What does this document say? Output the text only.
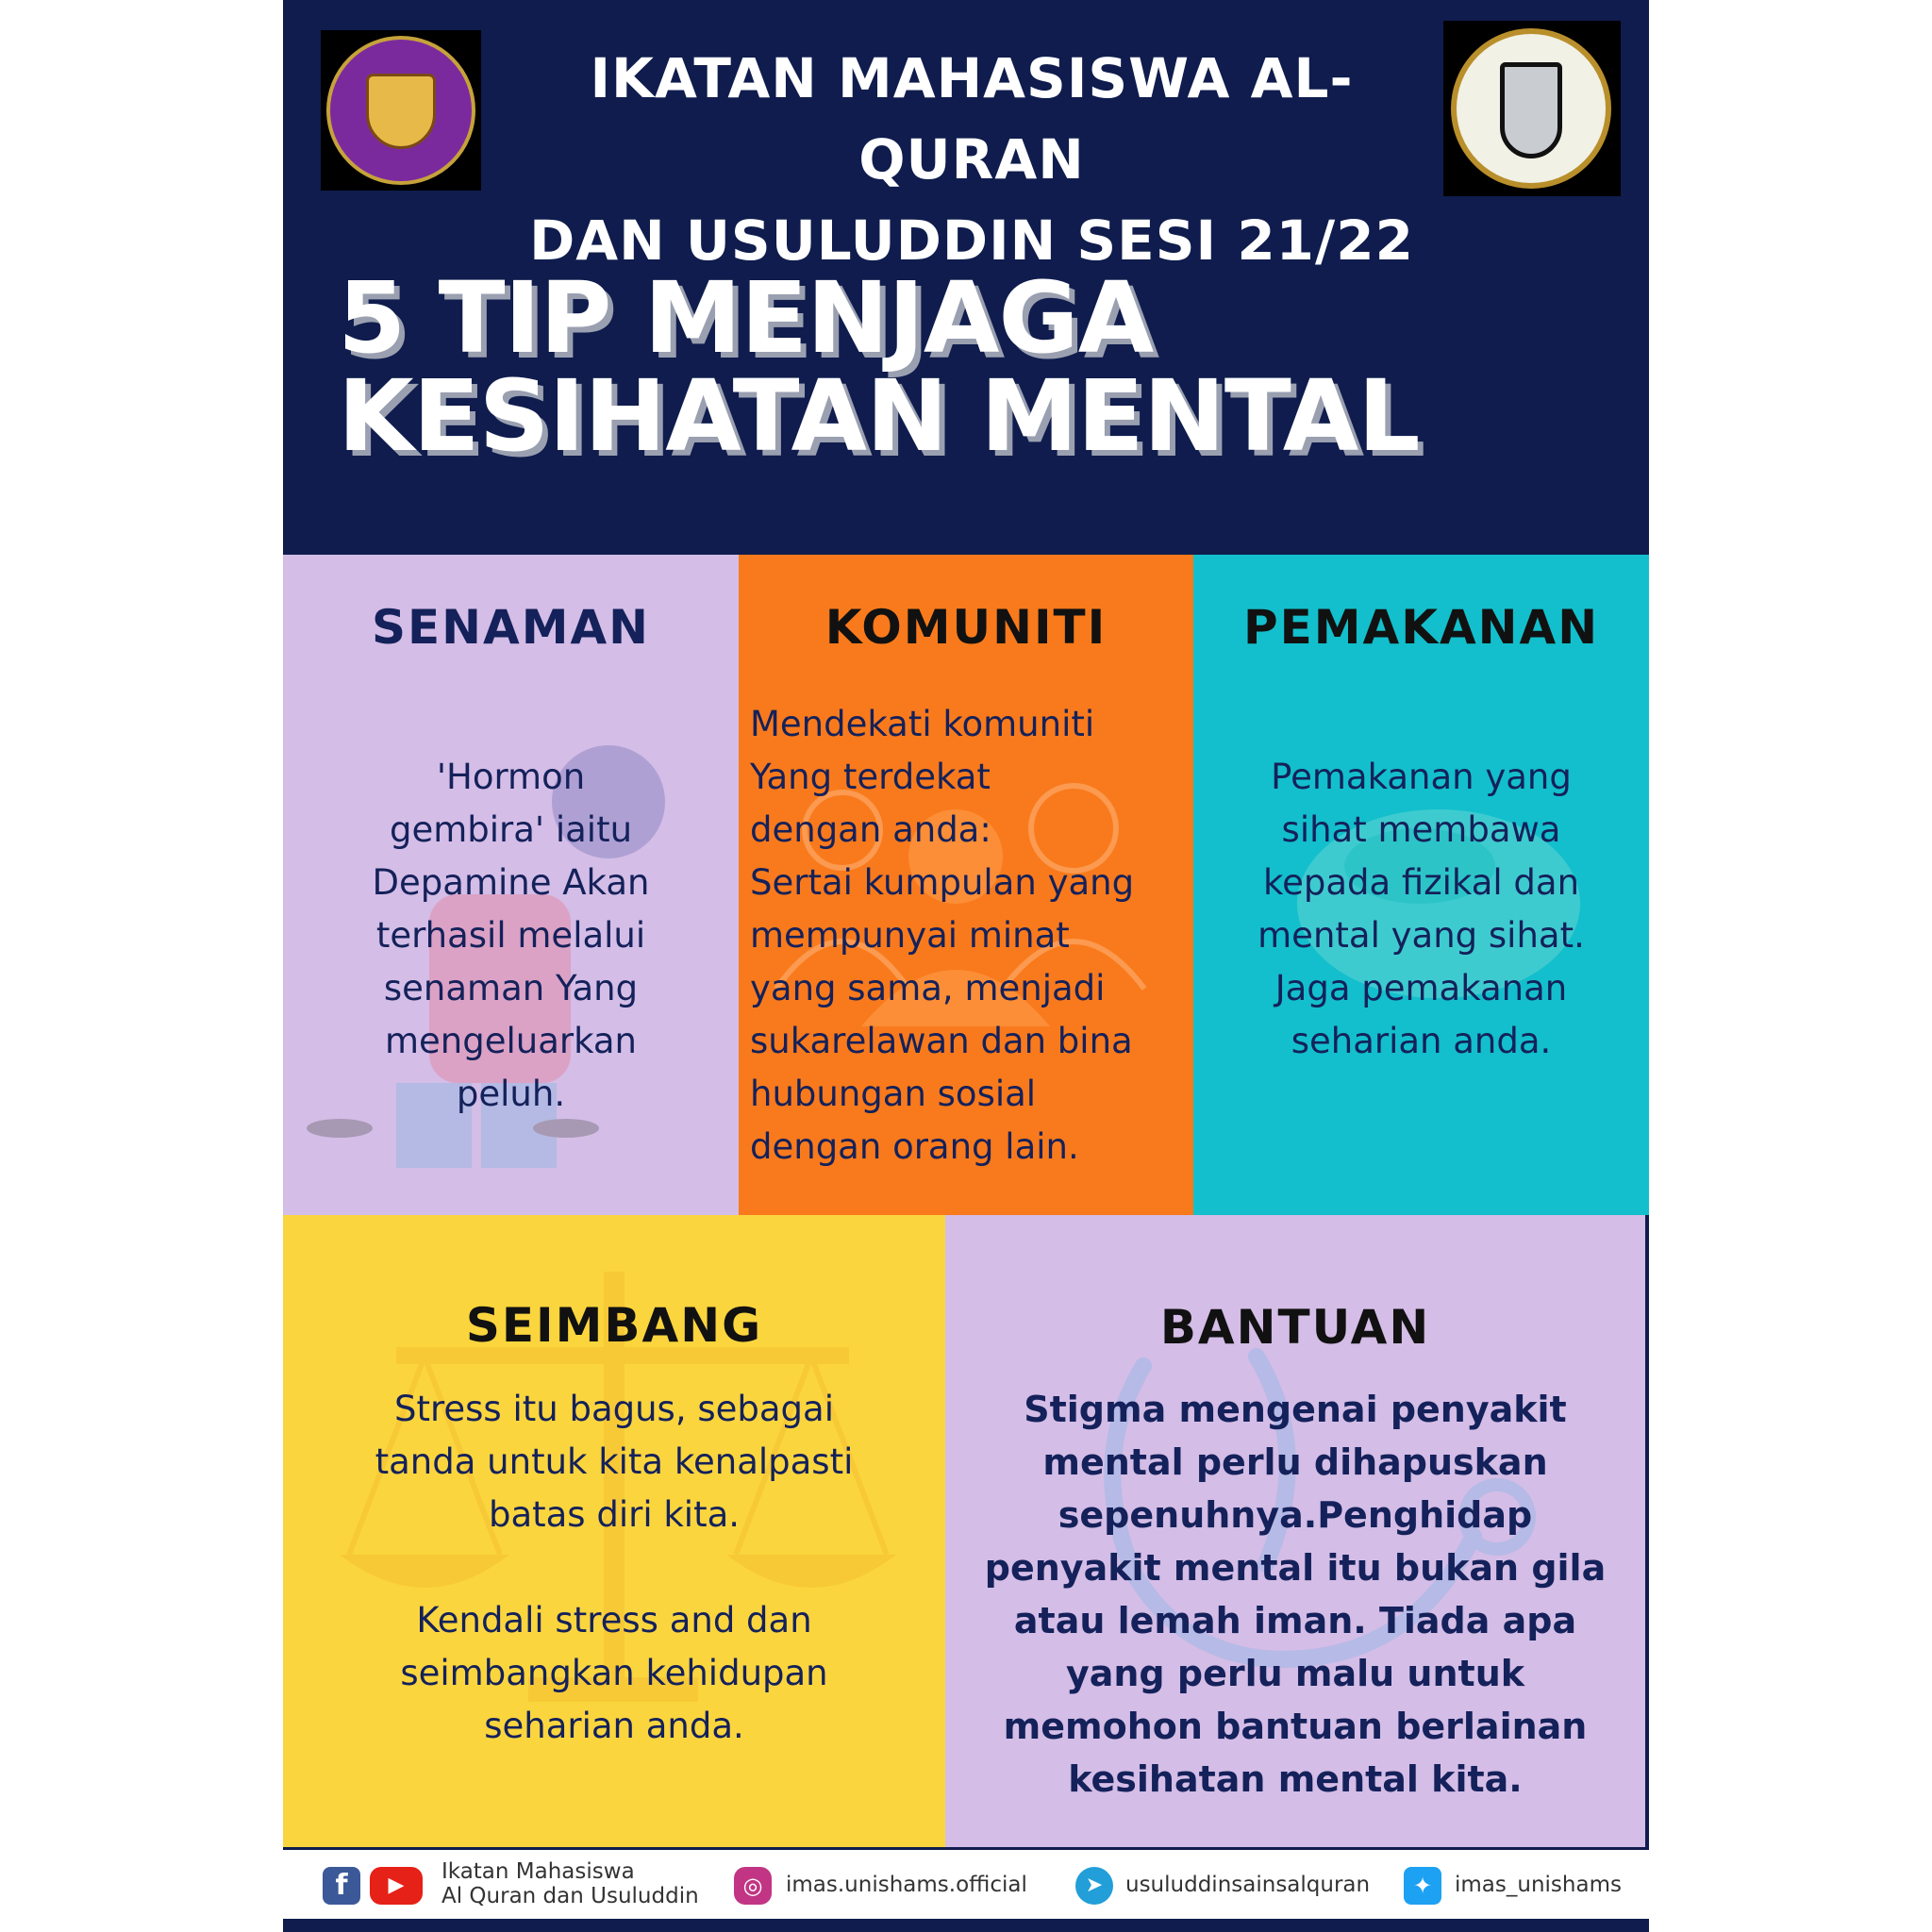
IKATAN MAHASISWA AL-QURAN
DAN USULUDDIN SESI 21/22
5 TIP MENJAGA
KESIHATAN MENTAL
SENAMAN

'Hormon
gembira' iaitu
Depamine Akan
terhasil melalui
senaman Yang
mengeluarkan
peluh.

KOMUNITI

Mendekati komuniti
Yang terdekat
dengan anda:
Sertai kumpulan yang
mempunyai minat
yang sama, menjadi
sukarelawan dan bina
hubungan sosial
dengan orang lain.

PEMAKANAN

Pemakanan yang
sihat membawa
kepada fizikal dan
mental yang sihat.
Jaga pemakanan
seharian anda.

SEIMBANG

Stress itu bagus, sebagai
tanda untuk kita kenalpasti
batas diri kita.

Kendali stress and dan
seimbangkan kehidupan
seharian anda.

BANTUAN

Stigma mengenai penyakit
mental perlu dihapuskan
sepenuhnya.Penghidap
penyakit mental itu bukan gila
atau lemah iman. Tiada apa
yang perlu malu untuk
memohon bantuan berlainan
kesihatan mental kita.

f	▶
Ikatan Mahasiswa
Al Quran dan Usuluddin	◎	imas.unishams.official	➤	usuluddinsainsalquran	✦	imas_unishams
